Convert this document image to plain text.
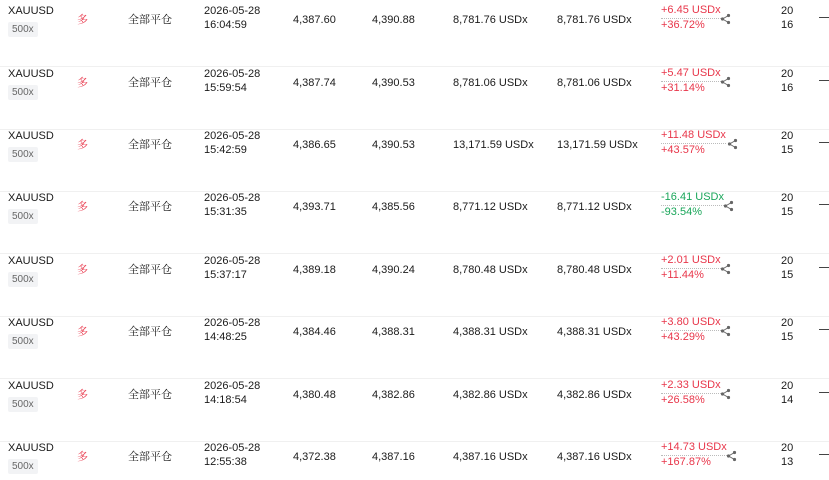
XAUUSD
500x
多	全部平仓
2026-05-28
16:04:59	4,387.60	4,390.88	8,781.76 USDx	8,781.76 USDx
+6.45 USDx
+36.72%
20
16
XAUUSD
500x
多	全部平仓
2026-05-28
15:59:54	4,387.74	4,390.53	8,781.06 USDx	8,781.06 USDx
+5.47 USDx
+31.14%
20
16
XAUUSD
500x
多	全部平仓
2026-05-28
15:42:59	4,386.65	4,390.53	13,171.59 USDx 13,171.59 USDx
+11.48 USDx
+43.57%
20
15
XAUUSD
500x
多	全部平仓
2026-05-28
15:31:35	4,393.71	4,385.56	8,771.12 USDx	8,771.12 USDx
-16.41 USDx
-93.54%
20
15
XAUUSD
500x
多	全部平仓
2026-05-28
15:37:17	4,389.18	4,390.24	8,780.48 USDx	8,780.48 USDx
+2.01 USDx
+11.44%
20
15
XAUUSD
500x
多	全部平仓
2026-05-28
14:48:25	4,384.46	4,388.31	4,388.31 USDx	4,388.31 USDx
+3.80 USDx
+43.29%
20
15
XAUUSD
500x
多	全部平仓
2026-05-28
14:18:54	4,380.48	4,382.86	4,382.86 USDx	4,382.86 USDx
+2.33 USDx
+26.58%
20
14
XAUUSD
500x
多	全部平仓
2026-05-28
12:55:38	4,372.38	4,387.16	4,387.16 USDx	4,387.16 USDx
+14.73 USDx
+167.87%
20
13
